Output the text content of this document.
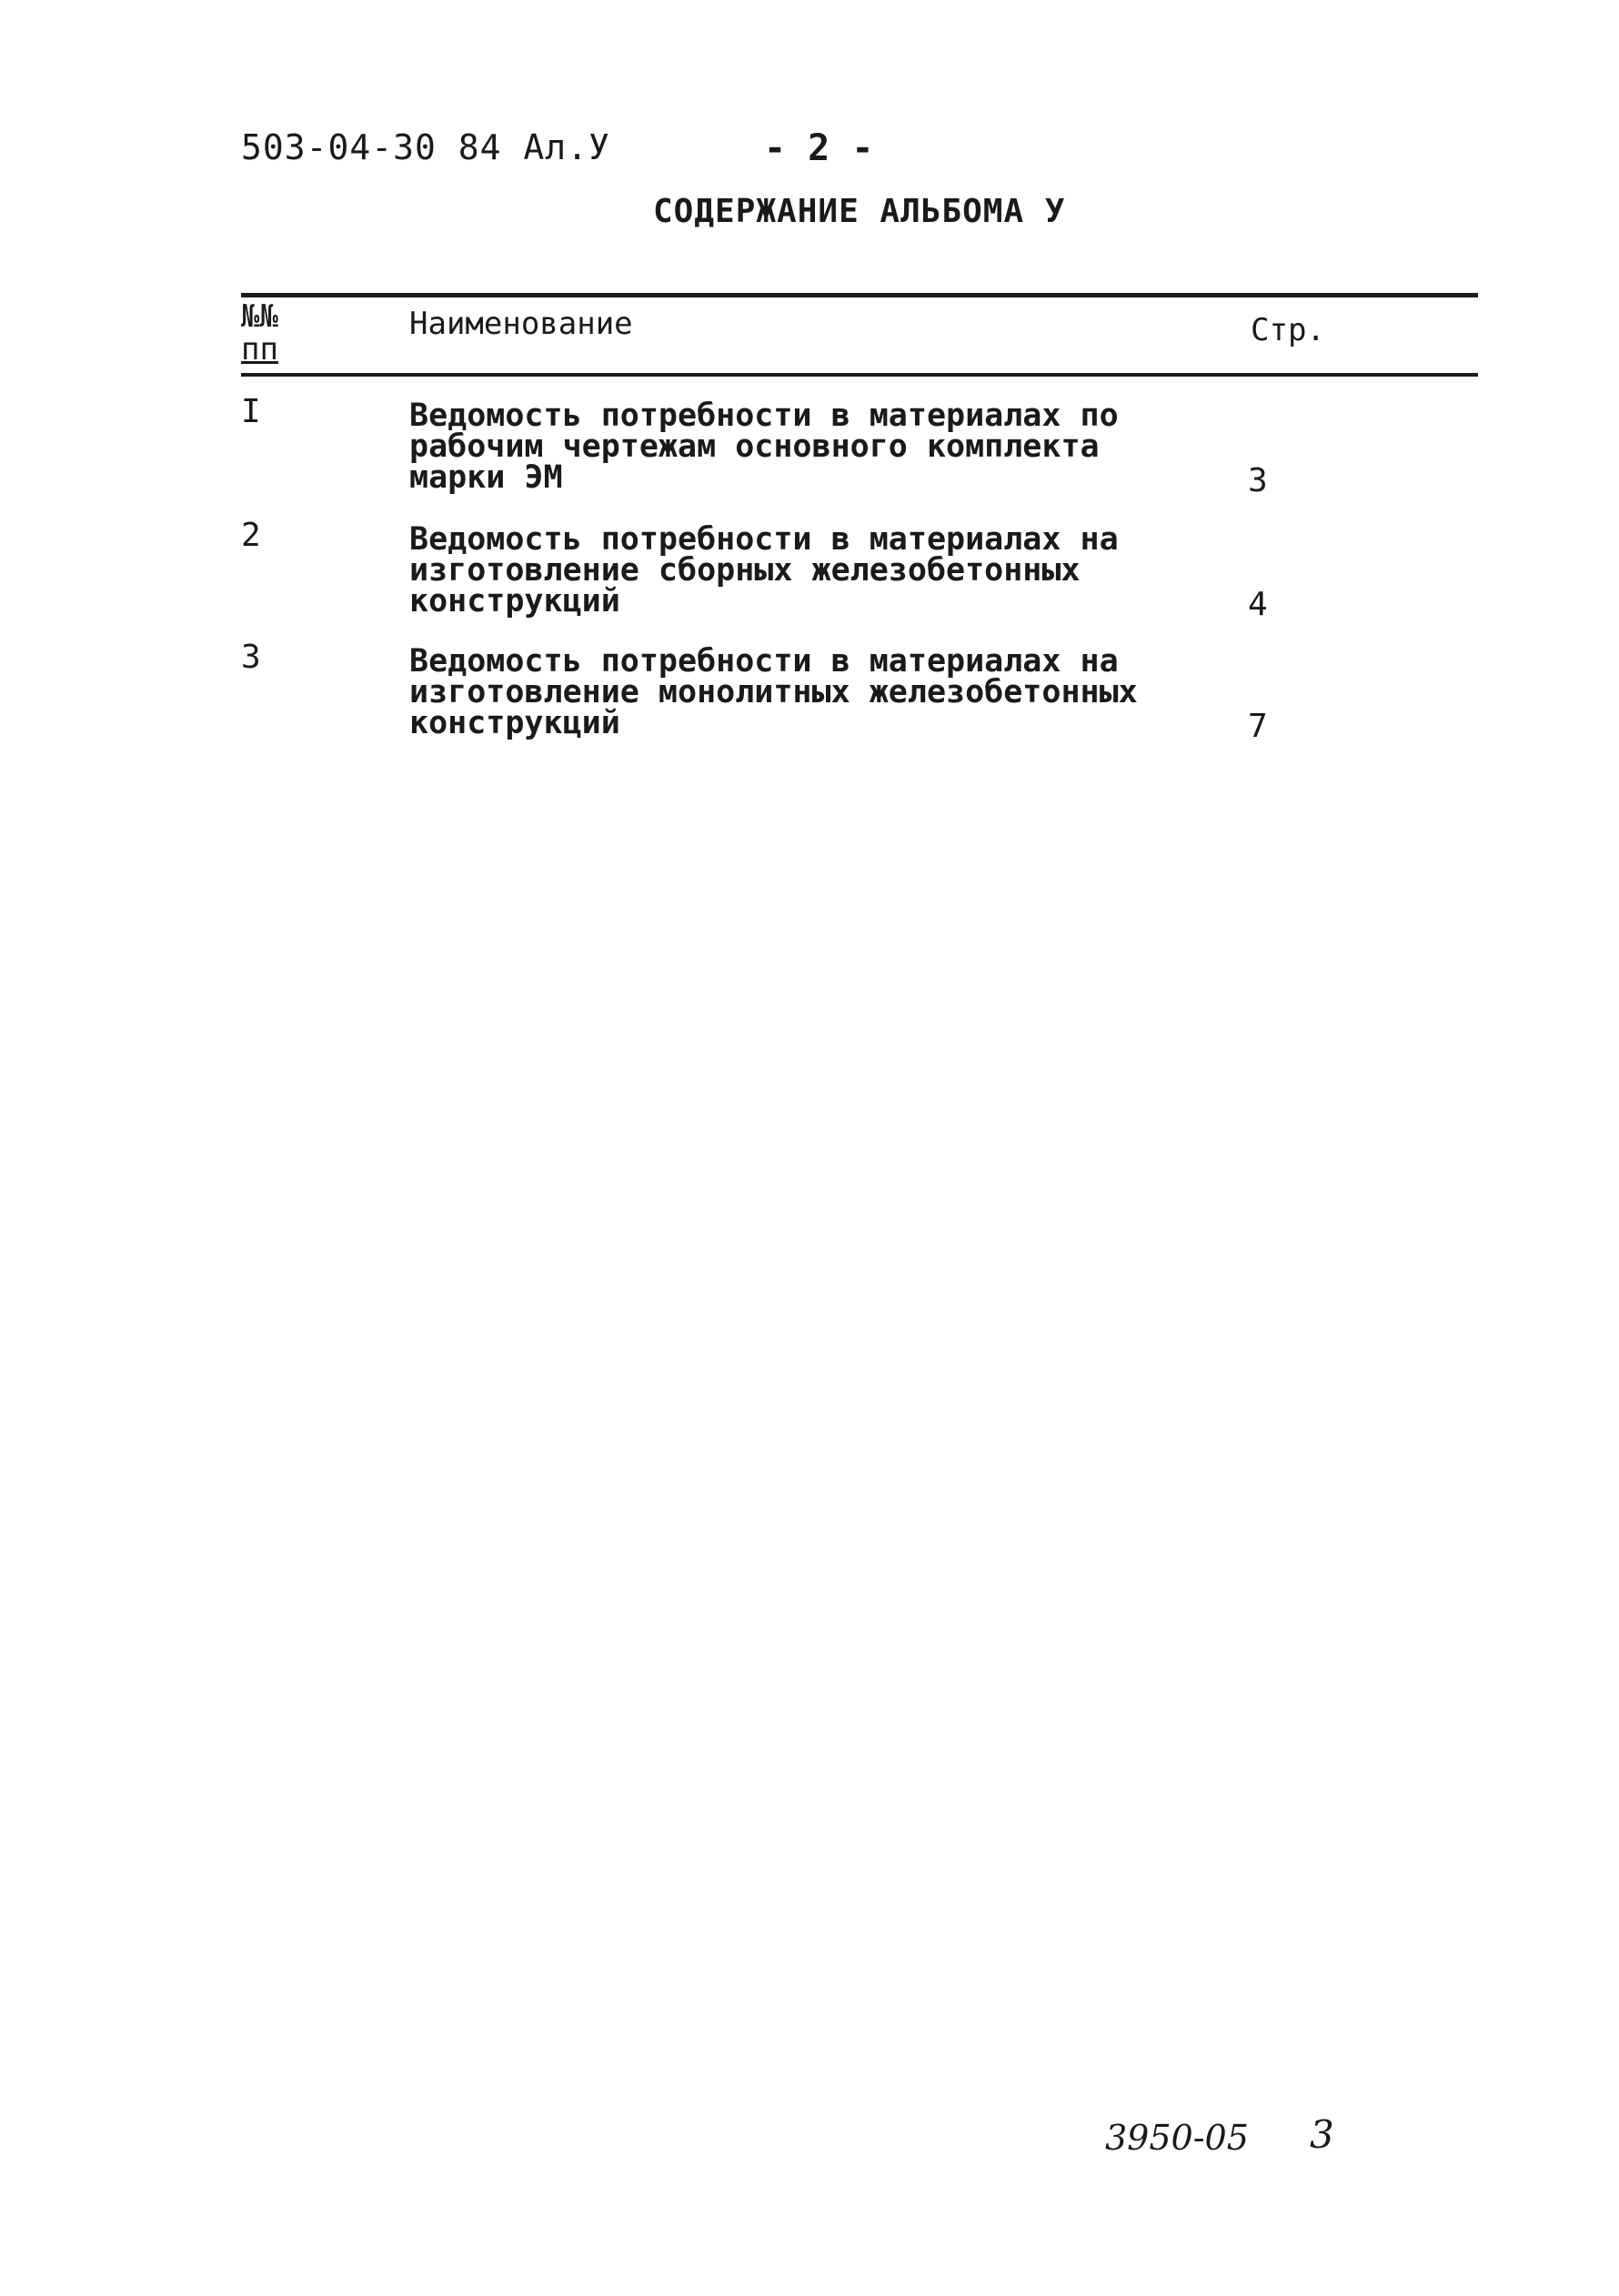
503-04-30 84 Ал.У	- 2 -
СОДЕРЖАНИЕ АЛЬБОМА У
№№
пп
Наименование	Стр.
I	Ведомость потребности в материалах по
рабочим чертежам основного комплекта
марки ЭМ	3
2	Ведомость потребности в материалах на
изготовление сборных железобетонных
конструкций	4
3	Ведомость потребности в материалах на
изготовление монолитных железобетонных
конструкций	7
3950-05 3
